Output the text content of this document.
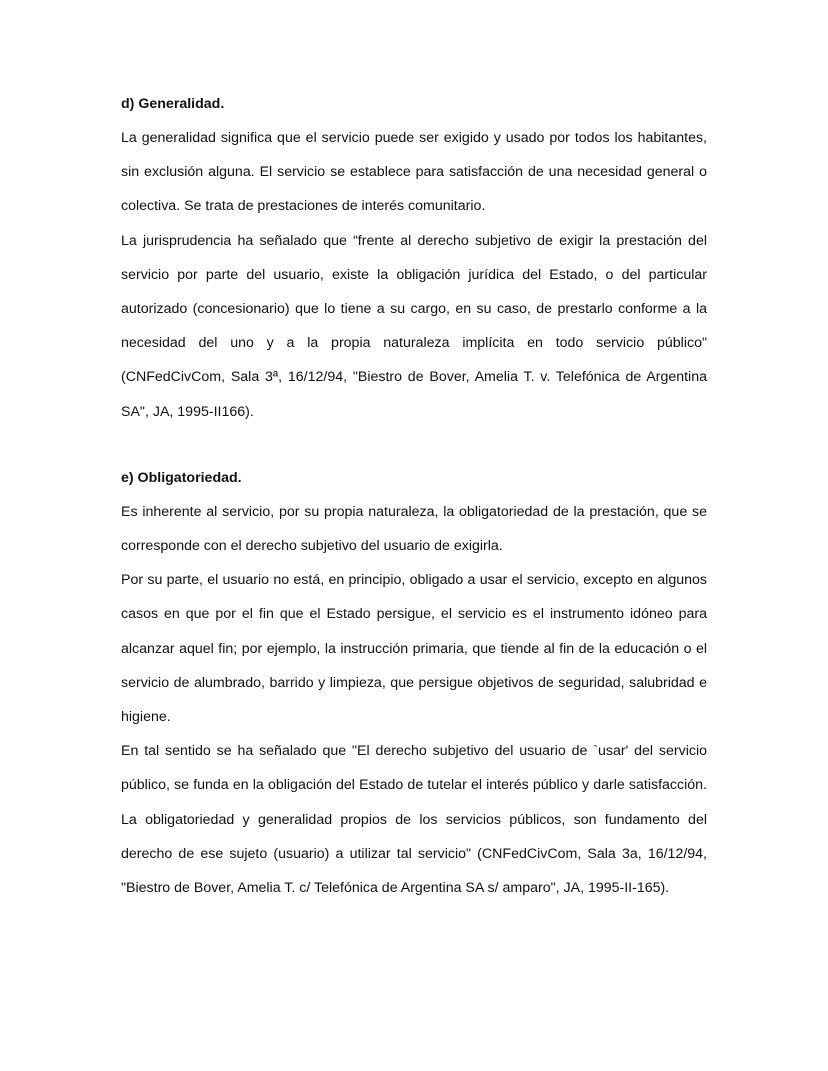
d) Generalidad.

La generalidad significa que el servicio puede ser exigido y usado por todos los habitantes, sin exclusión alguna. El servicio se establece para satisfacción de una necesidad general o colectiva. Se trata de prestaciones de interés comunitario.

La jurisprudencia ha señalado que “frente al derecho subjetivo de exigir la prestación del servicio por parte del usuario, existe la obligación jurídica del Estado, o del particular autorizado (concesionario) que lo tiene a su cargo, en su caso, de prestarlo conforme a la necesidad del uno y a la propia naturaleza implícita en todo servicio público" (CNFedCivCom, Sala 3ª, 16/12/94, "Biestro de Bover, Amelia T. v. Telefónica de Argentina SA", JA, 1995-II166).

e) Obligatoriedad.

Es inherente al servicio, por su propia naturaleza, la obligatoriedad de la prestación, que se corresponde con el derecho subjetivo del usuario de exigirla.

Por su parte, el usuario no está, en principio, obligado a usar el servicio, excepto en algunos casos en que por el fin que el Estado persigue, el servicio es el instrumento idóneo para alcanzar aquel fin; por ejemplo, la instrucción primaria, que tiende al fin de la educación o el servicio de alumbrado, barrido y limpieza, que persigue objetivos de seguridad, salubridad e higiene.

En tal sentido se ha señalado que "El derecho subjetivo del usuario de `usar' del servicio público, se funda en la obligación del Estado de tutelar el interés público y darle satisfacción. La obligatoriedad y generalidad propios de los servicios públicos, son fundamento del derecho de ese sujeto (usuario) a utilizar tal servicio" (CNFedCivCom, Sala 3a, 16/12/94, "Biestro de Bover, Amelia T. c/ Telefónica de Argentina SA s/ amparo", JA, 1995-II-165).
